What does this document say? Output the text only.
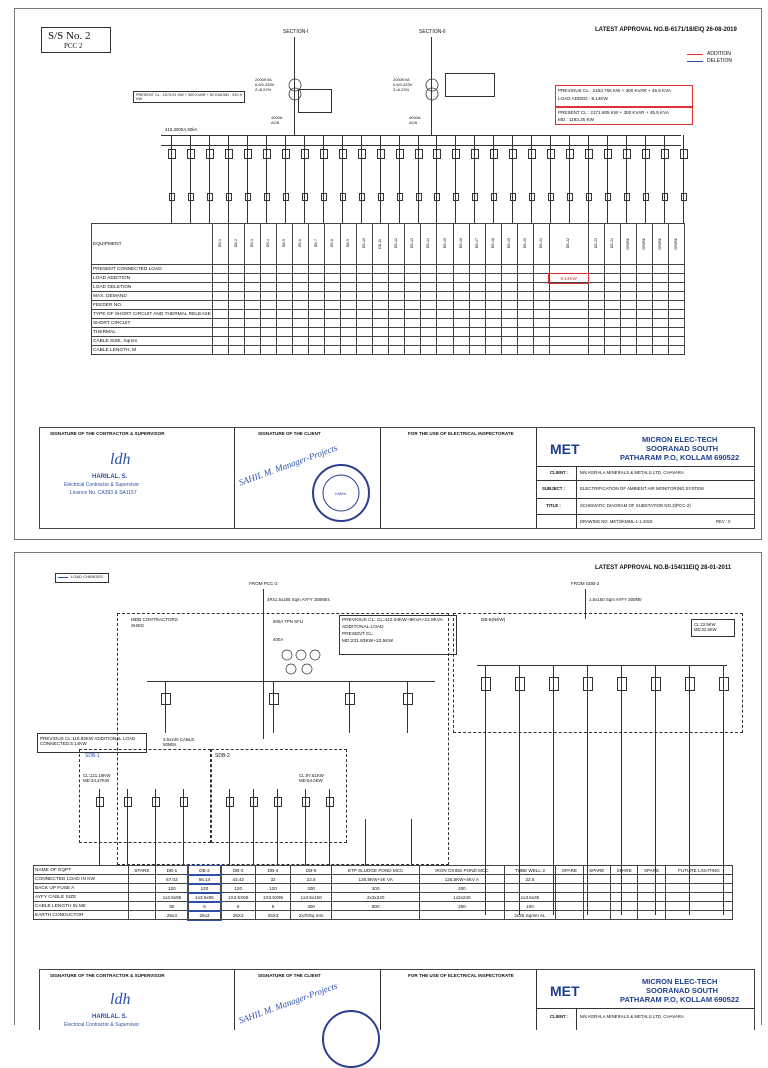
S/S No. 2
PCC 2
LATEST APPROVAL NO.B-6171/18/EIQ 26-08-2019
ADDITION
DELETION
SECTION-I
2000KVA 6.6/0.433V Z=6.22%
4000A ACB
PRESENT CL : 1574.91 KW + 300 KVAR + 52 KVA MD : 910.9 KW
SECTION-II
2000KVA 6.6/0.433V Z=6.23%
4000A ACB
PREVIOUS CL : 2163.765 KW + 300 KVAR + 45.5 KVA
LOAD ADDED : 8.14KW
PRESENT CL : 2171.905 KW + 300 KVAR + 45.5 KVA
MD : 1163.25 KW
415,3000A,50kA
EQUIPMENT	DB-1	DB-2	DB-3	DB-4	DB-5	DB-6	DB-7	DB-8	DB-9	DB-10	DB-11	DB-12	DB-13	DB-14	DB-15	DB-16	DB-17	DB-18	DB-19	DB-20	DB-21	DB-22	DB-23	DB-24	SPARE	SPARE	SPARE	SPARE
PRESENT CONNECTED LOAD																												
LOAD ADDITION																						8.14KW						
LOAD DELETION																												
MAX. DEMAND																												
FEEDER NO.																												
TYPE OF SHORT CIRCUIT AND THERMAL RELEASE																												
SHORT CIRCUIT																												
THERMAL																												
CABLE SIZE, Sqmm																												
CABLE LENGTH, M																												
SIGNATURE OF THE CONTRACTOR & SUPERVISOR	SIGNATURE OF THE CLIENT	FOR THE USE OF ELECTRICAL INSPECTORATE
ldh
HARILAL. S.
Electrical Contractor & Supervisor
Licence No. CA393 & SA1157
SAHIL M. Manager-Projects
KMML
MET
MICRON ELEC-TECH
SOORANAD SOUTH
PATHARAM P.O, KOLLAM 690522
CLIENT :	M/s KERALA MINERALS & METALS LTD, CHAVARA
SUBJECT :	ELECTRIFICATION OF AMBIENT AIR MONITORING SYSTEM
TITLE :	SCHEMATIC DIAGRAM OF SUBSTATION NO.2(PCC-2)
DRAWING NO. MET2/KMML-1-1-2019	REV : 0
LATEST APPROVAL NO.B-154/11EIQ 28-01-2011
LOAD CHANGES
FROM PCC-2	FROM SDB-2
4Rx1.5x185 Sqm AYFY 250Mtrs	1.5x150 Sqm AYFY 300Mtr
MDB CONTRACTORS SHED
800A TPN SFU
400A
PREVIOUS CL: CL:442.04KW+8KVA+22.9KVA
ADDITONAL LOAD
PRESENT CL:
MD:231.83KW+22.5KW
DB-5(NEW)
CL:22.5KW MD:22.5KW
PREVIOUS CL:115.92KW ADDITIONAL LOAD CONNECTED:5.14KW
SDB-1
CL:121.16KW MD:34.27KW
SDB-2
CL:97.51KW MD:54.0KW
3.5x240 CABLE 50Mtrs
NAME OF EQPT	SPARE	DB-1	DB-2	DB-3	DB-4	DB-5	ETP SLUDGE POND MCC	IRON OXIDE POND MCC	TUBE WELL-2	SPARE	SPARE	SPARE	SPARE	FUTURE LIGHTING
CONNECTED LOAD IN KW		67.02	56.14	43.42	32	22.5	125.5KW+4K VA	125.5KW+4KV A	22.5					
BACK UP FUSE A		120	120	120	120	200	200	200						
AYFY CABLE SIZE		1x3.5x95	1x3.5x95	1X3.5X95	1X3.5X95	1x3.5x150	2x3x240	1x2x240	1x3.5x35					
CABLE LENGTH IN Mtr		60	5	5	5	300	800	250	100					
EARTH CONDUCTOR		25x3	25x3	25X3	25X3	2x70Sq mm			2x25 Sqmm AL					
SIGNATURE OF THE CONTRACTOR & SUPERVISOR	SIGNATURE OF THE CLIENT	FOR THE USE OF ELECTRICAL INSPECTORATE
ldh
HARILAL. S.
Electrical Contractor & Supervisor	SAHIL M. Manager-Projects	MET
MICRON ELEC-TECH
SOORANAD SOUTH
PATHARAM P.O, KOLLAM 690522
CLIENT :	M/s KERALA MINERALS & METALS LTD, CHAVARA
